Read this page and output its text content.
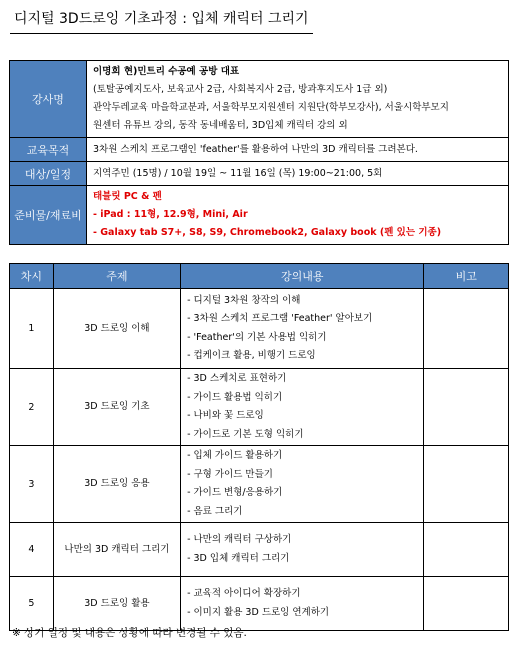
디지털 3D드로잉 기초과정 : 입체 캐릭터 그리기
강사명	이명희 현)민트리 수공예 공방 대표
(토탈공예지도사, 보육교사 2급, 사회복지사 2급, 방과후지도사 1급 외)
관악두레교육 마을학교분과, 서울학부모지원센터 지원단(학부모강사), 서울시학부모지
원센터 유튜브 강의, 동작 동네배움터, 3D입체 캐릭터 강의 외

교육목적	3차원 스케치 프로그램인 'feather'를 활용하여 나만의 3D 캐릭터를 그려본다.
대상/일정	지역주민 (15명) / 10월 19일 ~ 11월 16일 (목) 19:00~21:00, 5회
준비물/재료비	태블릿 PC & 펜
- iPad : 11형, 12.9형, Mini, Air
- Galaxy tab S7+, S8, S9, Chromebook2, Galaxy book (펜 있는 기종)
차시	주제	강의내용	비고
1	3D 드로잉 이해	- 디지털 3차원 창작의 이해
- 3차원 스케치 프로그램 'Feather' 알아보기
- 'Feather'의 기본 사용법 익히기
- 컵케이크 활용, 비행기 드로잉	

2	3D 드로잉 기초	- 3D 스케치로 표현하기
- 가이드 활용법 익히기
- 나비와 꽃 드로잉
- 가이드로 기본 도형 익히기	

3	3D 드로잉 응용	- 입체 가이드 활용하기
- 구형 가이드 만들기
- 가이드 변형/응용하기
- 음료 그리기	

4	나만의 3D 캐릭터 그리기	- 나만의 캐릭터 구상하기
- 3D 입체 캐릭터 그리기	

5	3D 드로잉 활용	- 교육적 아이디어 확장하기
- 이미지 활용 3D 드로잉 연계하기	

※ 상기 일정 및 내용은 상황에 따라 변경될 수 있음.
